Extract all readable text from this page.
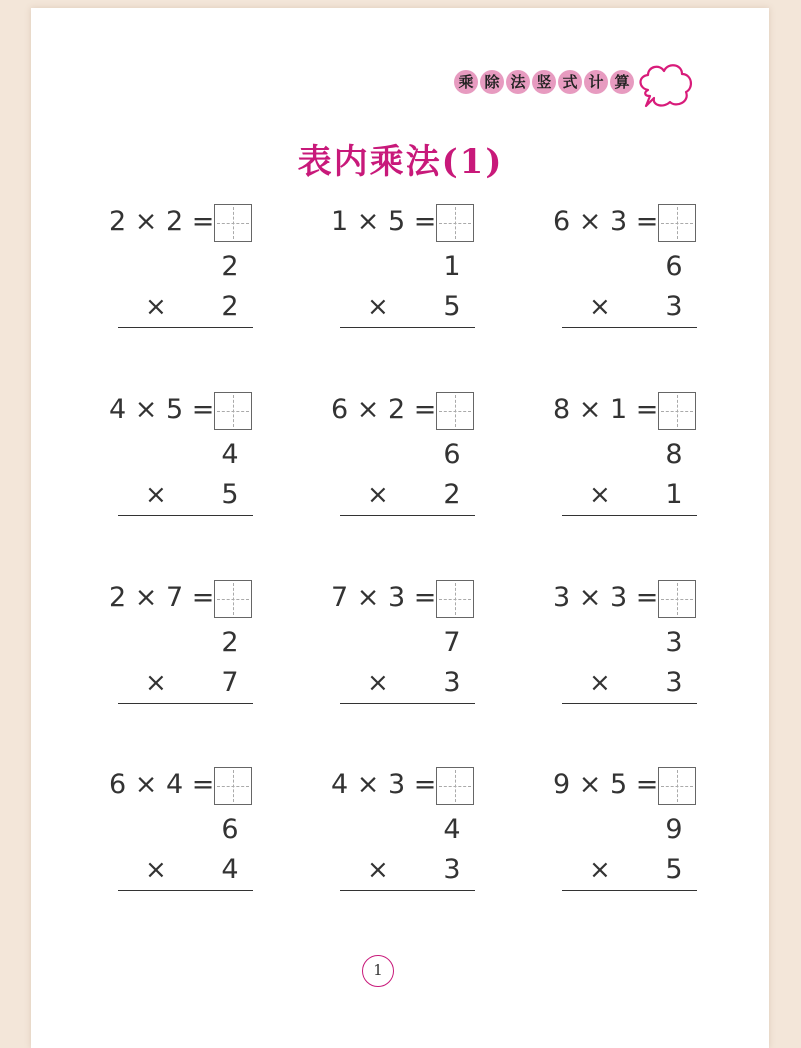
乘 除 法 竖 式 计 算
表内乘法(1)
2 × 2 =
2
× 2
1 × 5 =
1
× 5
6 × 3 =
6
× 3
4 × 5 =
4
× 5
6 × 2 =
6
× 2
8 × 1 =
8
× 1
2 × 7 =
2
× 7
7 × 3 =
7
× 3
3 × 3 =
3
× 3
6 × 4 =
6
× 4
4 × 3 =
4
× 3
9 × 5 =
9
× 5
1
